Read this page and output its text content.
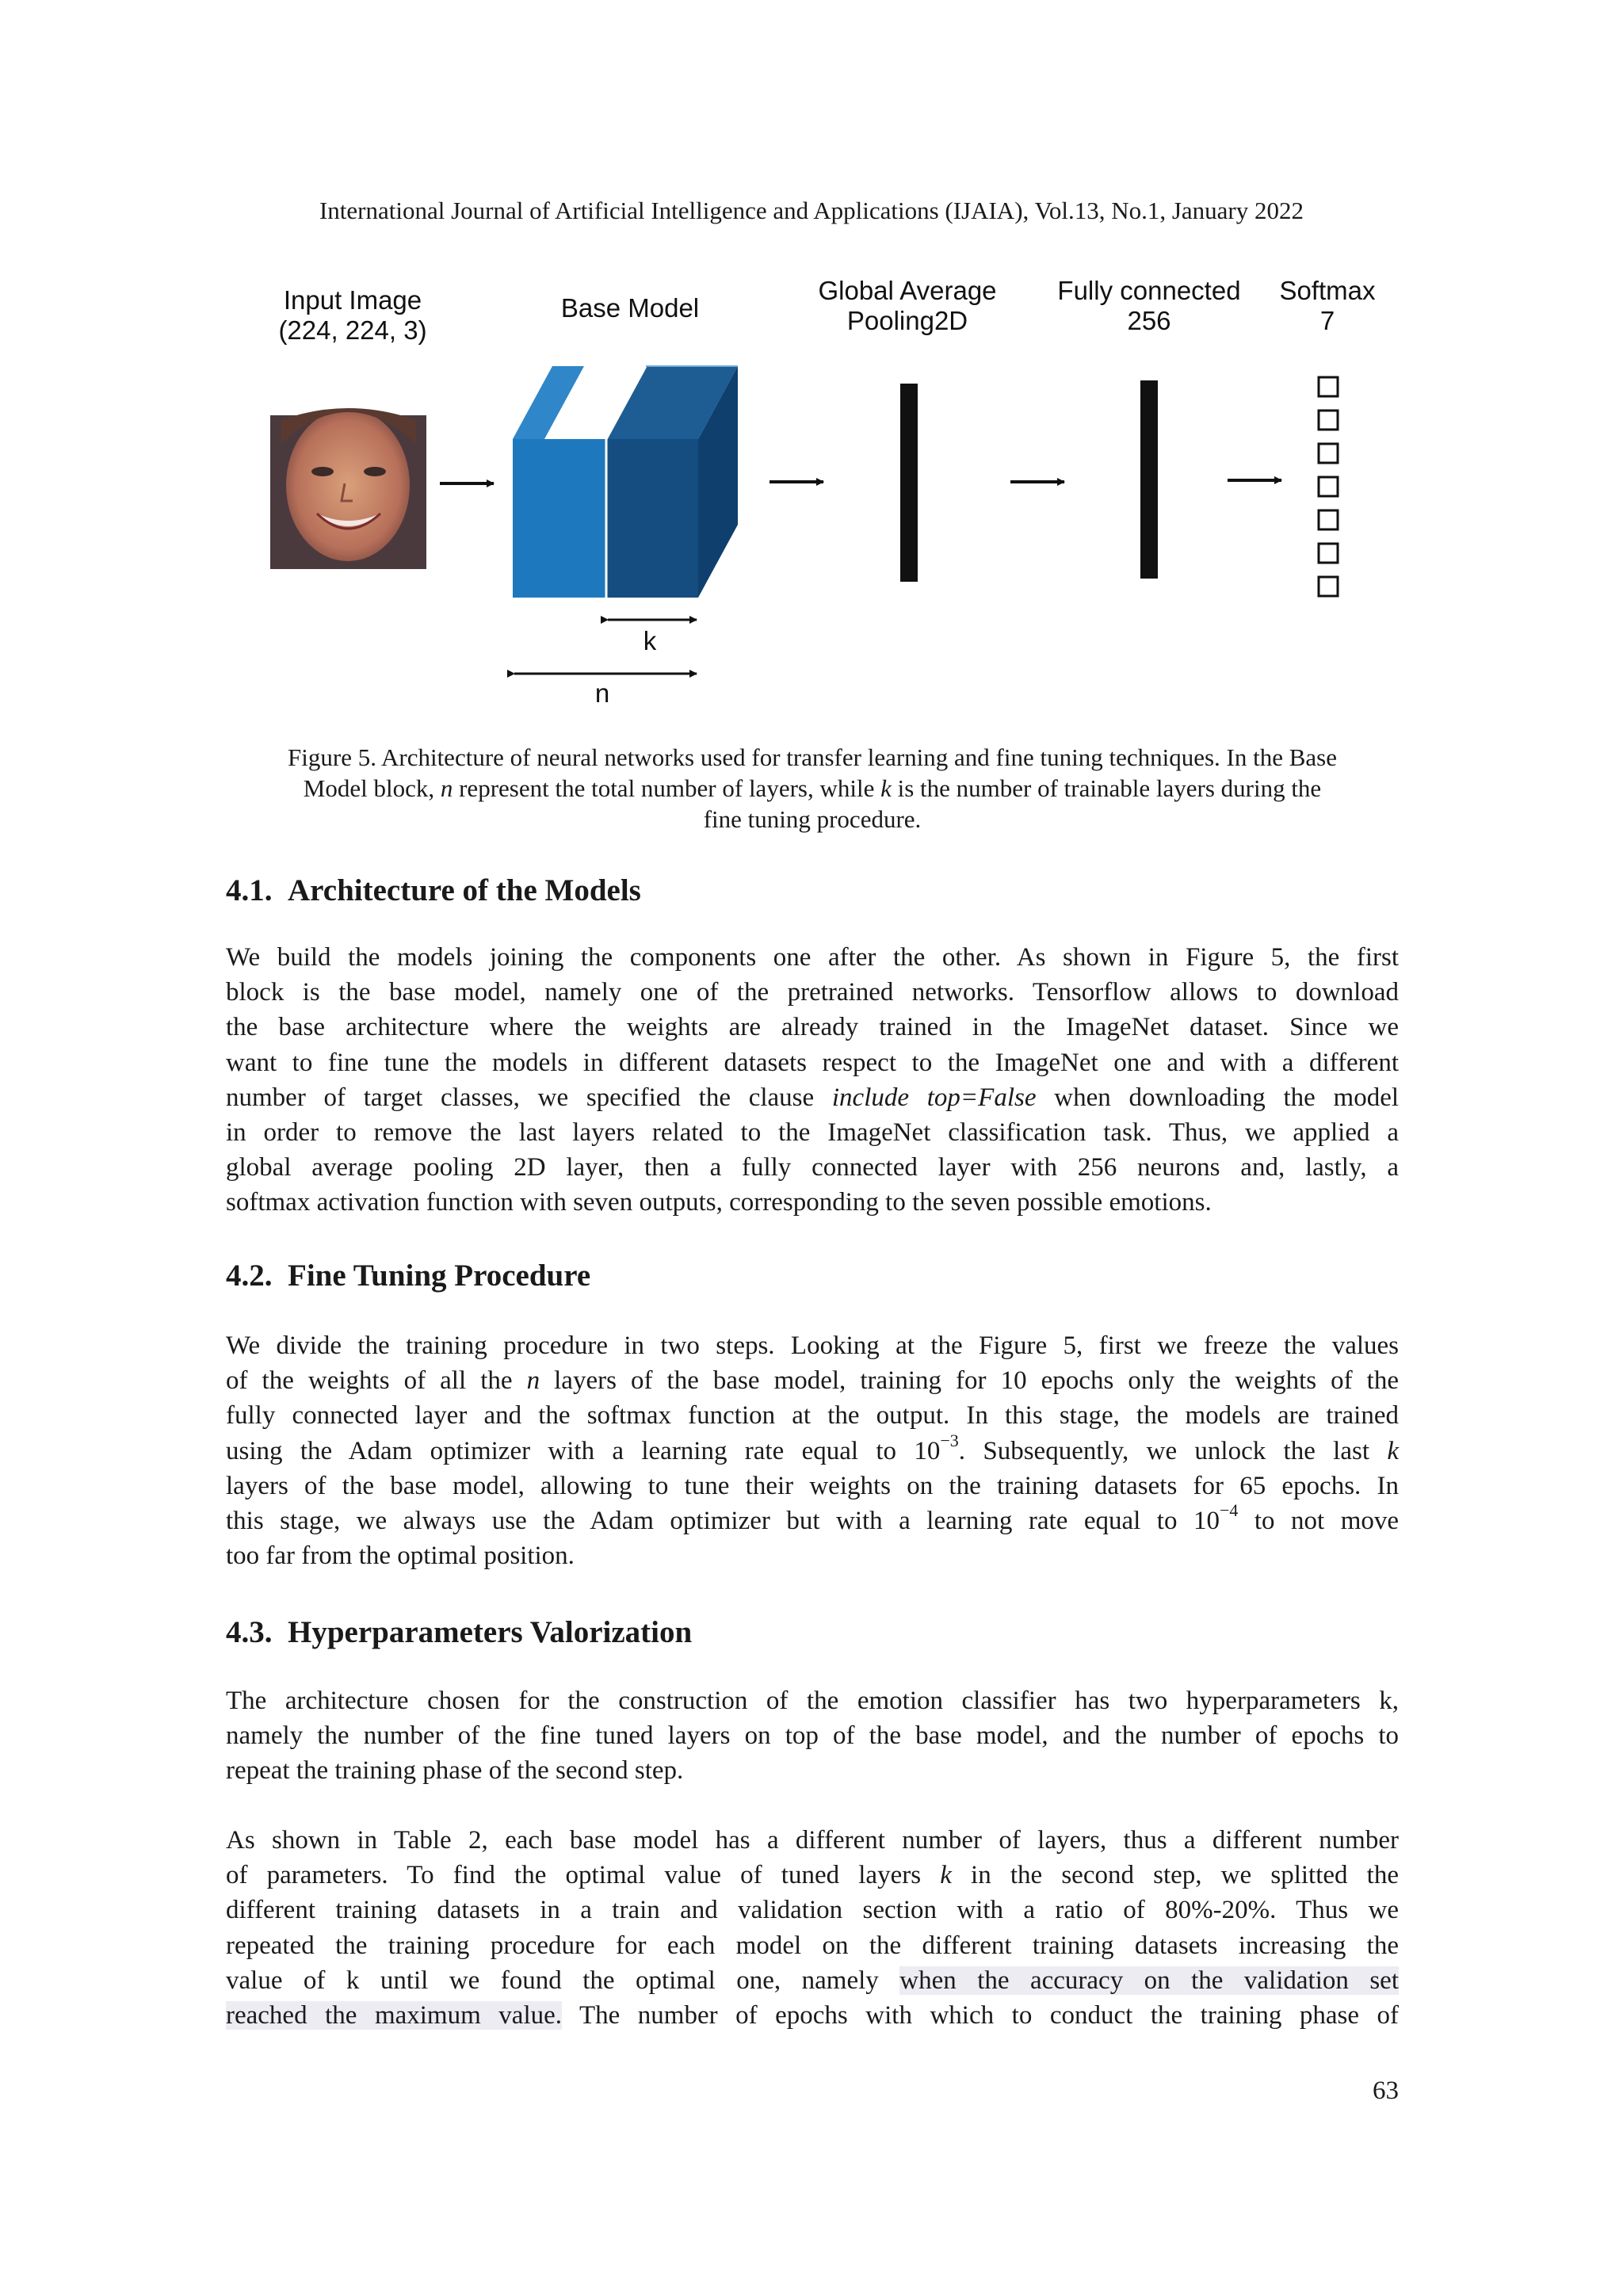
International Journal of Artificial Intelligence and Applications (IJAIA), Vol.13, No.1, January 2022
Input Image
(224, 224, 3)
Base Model
Global Average
Pooling2D
Fully connected
256
Softmax
7
k
n
Figure 5. Architecture of neural networks used for transfer learning and fine tuning techniques. In the Base
Model block, n represent the total number of layers, while k is the number of trainable layers during the
fine tuning procedure.
4.1. Architecture of the Models
We build the models joining the components one after the other. As shown in Figure 5, the first
block is the base model, namely one of the pretrained networks. Tensorflow allows to download
the base architecture where the weights are already trained in the ImageNet dataset. Since we
want to fine tune the models in different datasets respect to the ImageNet one and with a different
number of target classes, we specified the clause include top=False when downloading the model
in order to remove the last layers related to the ImageNet classification task. Thus, we applied a
global average pooling 2D layer, then a fully connected layer with 256 neurons and, lastly, a
softmax activation function with seven outputs, corresponding to the seven possible emotions.
4.2. Fine Tuning Procedure
We divide the training procedure in two steps. Looking at the Figure 5, first we freeze the values
of the weights of all the n layers of the base model, training for 10 epochs only the weights of the
fully connected layer and the softmax function at the output. In this stage, the models are trained
using the Adam optimizer with a learning rate equal to $10^{-3}$. Subsequently, we unlock the last k
layers of the base model, allowing to tune their weights on the training datasets for 65 epochs. In
this stage, we always use the Adam optimizer but with a learning rate equal to $10^{-4}$ to not move
too far from the optimal position.
4.3. Hyperparameters Valorization
The architecture chosen for the construction of the emotion classifier has two hyperparameters k,
namely the number of the fine tuned layers on top of the base model, and the number of epochs to
repeat the training phase of the second step.
As shown in Table 2, each base model has a different number of layers, thus a different number
of parameters. To find the optimal value of tuned layers k in the second step, we splitted the
different training datasets in a train and validation section with a ratio of 80%-20%. Thus we
repeated the training procedure for each model on the different training datasets increasing the
value of k until we found the optimal one, namely when the accuracy on the validation set
reached the maximum value. The number of epochs with which to conduct the training phase of
63
